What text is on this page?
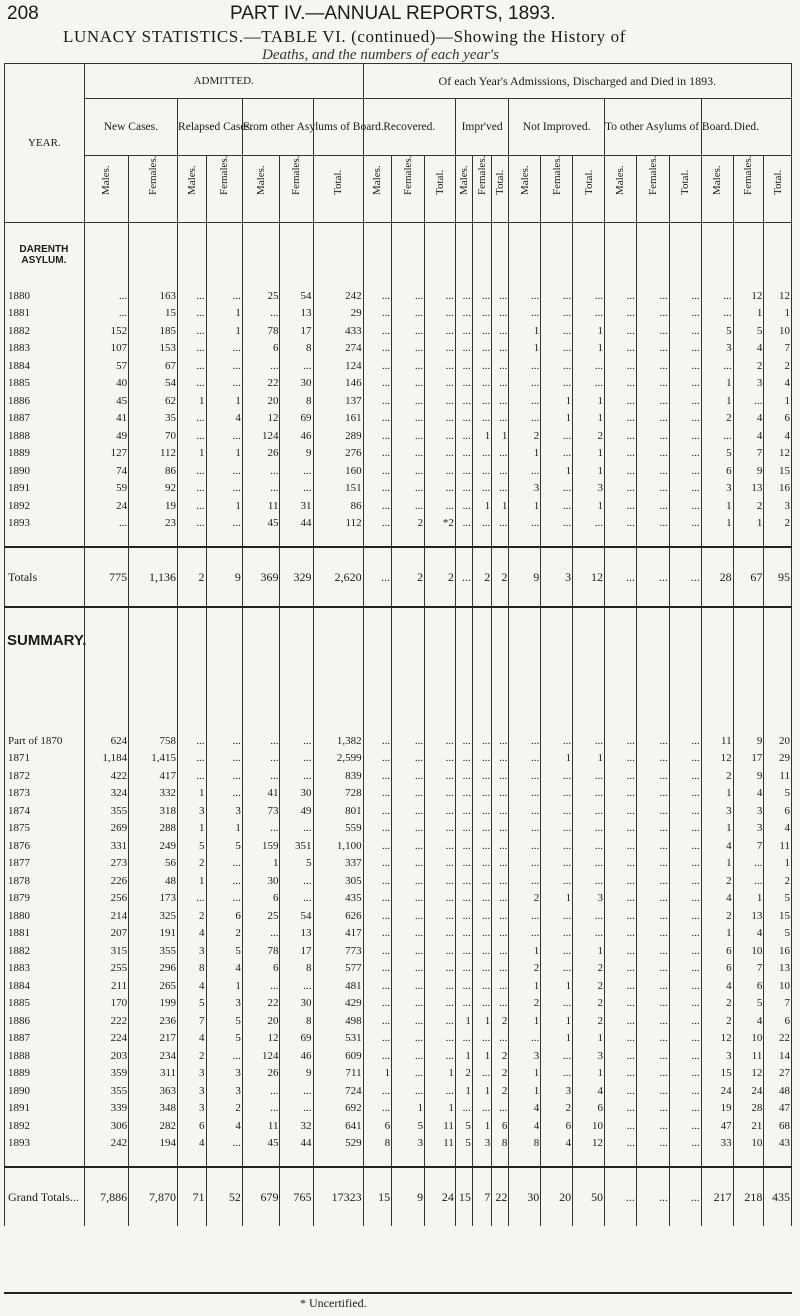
208	PART IV.—ANNUAL REPORTS, 1893.
LUNACY STATISTICS.—TABLE VI. (continued)—Showing the History of
Deaths, and the numbers of each year's
YEAR.	ADMITTED.							Of each Year's Admissions, Discharged and Died in 1893.														
	New Cases.		Relapsed Cases.		From other Asylums of Board.			Recovered.			Impr'ved			Not Improved.			To other Asylums of Board.			Died.		

	Males.	Females.	Males.	Females.	Males.	Females.	Total.	Males.	Females.	Total.	Males.	Females.	Total.	Males.	Females.	Total.	Males.	Females.	Total.	Males.	Females.	Total.

DARENTH ASYLUM.																						
1880	...	163	...	...	25	54	242	...	...	...	...	...	...	...	...	...	...	...	...	...	12	12
1881	...	15	...	1	...	13	29	...	...	...	...	...	...	...	...	...	...	...	...	...	1	1
1882	152	185	...	1	78	17	433	...	...	...	...	...	...	1	...	1	...	...	...	5	5	10
1883	107	153	...	...	6	8	274	...	...	...	...	...	...	1	...	1	...	...	...	3	4	7
1884	57	67	...	...	...	...	124	...	...	...	...	...	...	...	...	...	...	...	...	...	2	2
1885	40	54	...	...	22	30	146	...	...	...	...	...	...	...	...	...	...	...	...	1	3	4
1886	45	62	1	1	20	8	137	...	...	...	...	...	...	...	1	1	...	...	...	1	...	1
1887	41	35	...	4	12	69	161	...	...	...	...	...	...	...	1	1	...	...	...	2	4	6
1888	49	70	...	...	124	46	289	...	...	...	...	1	1	2	...	2	...	...	...	...	4	4
1889	127	112	1	1	26	9	276	...	...	...	...	...	...	1	...	1	...	...	...	5	7	12
1890	74	86	...	...	...	...	160	...	...	...	...	...	...	...	1	1	...	...	...	6	9	15
1891	59	92	...	...	...	...	151	...	...	...	...	...	...	3	...	3	...	...	...	3	13	16
1892	24	19	...	1	11	31	86	...	...	...	...	1	1	1	...	1	...	...	...	1	2	3
1893	...	23	...	...	45	44	112	...	2	*2	...	...	...	...	...	...	...	...	...	1	1	2

Totals	775	1,136	2	9	369	329	2,620	...	2	2	...	2	2	9	3	12	...	...	...	28	67	95
SUMMARY.																						

Part of 1870	624	758	...	...	...	...	1,382	...	...	...	...	...	...	...	...	...	...	...	...	11	9	20
1871	1,184	1,415	...	...	...	...	2,599	...	...	...	...	...	...	...	1	1	...	...	...	12	17	29
1872	422	417	...	...	...	...	839	...	...	...	...	...	...	...	...	...	...	...	...	2	9	11
1873	324	332	1	...	41	30	728	...	...	...	...	...	...	...	...	...	...	...	...	1	4	5
1874	355	318	3	3	73	49	801	...	...	...	...	...	...	...	...	...	...	...	...	3	3	6
1875	269	288	1	1	...	...	559	...	...	...	...	...	...	...	...	...	...	...	...	1	3	4
1876	331	249	5	5	159	351	1,100	...	...	...	...	...	...	...	...	...	...	...	...	4	7	11
1877	273	56	2	...	1	5	337	...	...	...	...	...	...	...	...	...	...	...	...	1	...	1
1878	226	48	1	...	30	...	305	...	...	...	...	...	...	...	...	...	...	...	...	2	...	2
1879	256	173	...	...	6	...	435	...	...	...	...	...	...	2	1	3	...	...	...	4	1	5
1880	214	325	2	6	25	54	626	...	...	...	...	...	...	...	...	...	...	...	...	2	13	15
1881	207	191	4	2	...	13	417	...	...	...	...	...	...	...	...	...	...	...	...	1	4	5
1882	315	355	3	5	78	17	773	...	...	...	...	...	...	1	...	1	...	...	...	6	10	16
1883	255	296	8	4	6	8	577	...	...	...	...	...	...	2	...	2	...	...	...	6	7	13
1884	211	265	4	1	...	...	481	...	...	...	...	...	...	1	1	2	...	...	...	4	6	10
1885	170	199	5	3	22	30	429	...	...	...	...	...	...	2	...	2	...	...	...	2	5	7
1886	222	236	7	5	20	8	498	...	...	...	1	1	2	1	1	2	...	...	...	2	4	6
1887	224	217	4	5	12	69	531	...	...	...	...	...	...	...	1	1	...	...	...	12	10	22
1888	203	234	2	...	124	46	609	...	...	...	1	1	2	3	...	3	...	...	...	3	11	14
1889	359	311	3	3	26	9	711	1	...	1	2	...	2	1	...	1	...	...	...	15	12	27
1890	355	363	3	3	...	...	724	...	...	...	1	1	2	1	3	4	...	...	...	24	24	48
1891	339	348	3	2	...	...	692	...	1	1	...	...	...	4	2	6	...	...	...	19	28	47
1892	306	282	6	4	11	32	641	6	5	11	5	1	6	4	6	10	...	...	...	47	21	68
1893	242	194	4	...	45	44	529	8	3	11	5	3	8	8	4	12	...	...	...	33	10	43

Grand Totals...	7,886	7,870	71	52	679	765	17323	15	9	24	15	7	22	30	20	50	...	...	...	217	218	435
* Uncertified.
